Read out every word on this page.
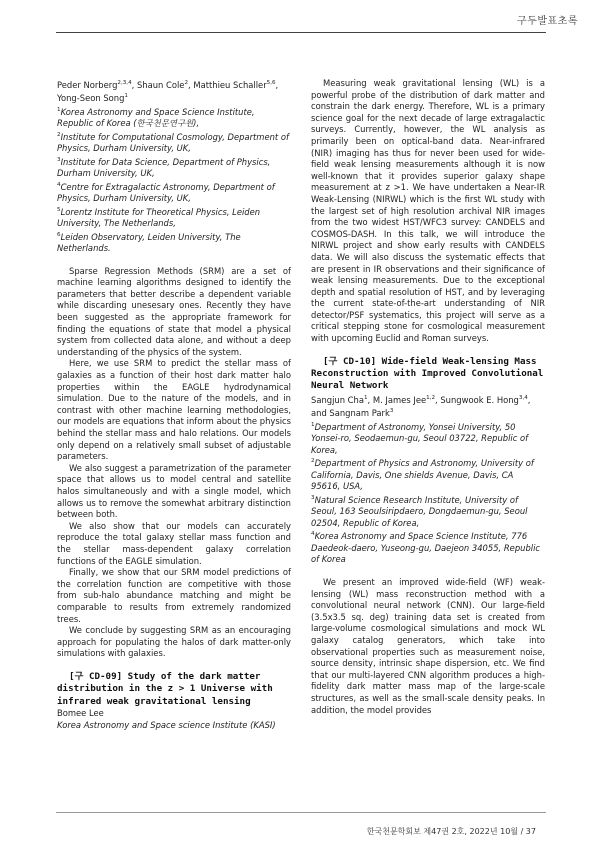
구두발표초록

Peder Norberg$^{2,3,4}$, Shaun Cole$^2$, Matthieu Schaller$^{5,6}$, Yong-Seon Song$^1$

$^1$Korea Astronomy and Space Science Institute, Republic of Korea (한국천문연구원),

$^2$Institute for Computational Cosmology, Department of Physics, Durham University, UK,

$^3$Institute for Data Science, Department of Physics, Durham University, UK,

$^4$Centre for Extragalactic Astronomy, Department of Physics, Durham University, UK,

$^5$Lorentz Institute for Theoretical Physics, Leiden University, The Netherlands,

$^6$Leiden Observatory, Leiden University, The Netherlands.

Sparse Regression Methods (SRM) are a set of machine learning algorithms designed to identify the parameters that better describe a dependent variable while discarding unesesary ones. Recently they have been suggested as the appropriate framework for finding the equations of state that model a physical system from collected data alone, and without a deep understanding of the physics of the system.

Here, we use SRM to predict the stellar mass of galaxies as a function of their host dark matter halo properties within the EAGLE hydrodynamical simulation. Due to the nature of the models, and in contrast with other machine learning methodologies, our models are equations that inform about the physics behind the stellar mass and halo relations. Our models only depend on a relatively small subset of adjustable parameters.

We also suggest a parametrization of the parameter space that allows us to model central and satellite halos simultaneously and with a single model, which allows us to remove the somewhat arbitrary distinction between both.

We also show that our models can accurately reproduce the total galaxy stellar mass function and the stellar mass-dependent galaxy correlation functions of the EAGLE simulation.

Finally, we show that our SRM model predictions of the correlation function are competitive with those from sub-halo abundance matching and might be comparable to results from extremely randomized trees.

We conclude by suggesting SRM as an encouraging approach for populating the halos of dark matter-only simulations with galaxies.

[구 CD-09] Study of the dark matter distribution in the z > 1 Universe with infrared weak gravitational lensing

Bomee Lee

Korea Astronomy and Space science Institute (KASI)

Measuring weak gravitational lensing (WL) is a powerful probe of the distribution of dark matter and constrain the dark energy. Therefore, WL is a primary science goal for the next decade of large extragalactic surveys. Currently, however, the WL analysis as primarily been on optical-band data. Near-infrared (NIR) imaging has thus for never been used for wide-field weak lensing measurements although it is now well-known that it provides superior galaxy shape measurement at z >1. We have undertaken a Near-IR Weak-Lensing (NIRWL) which is the first WL study with the largest set of high resolution archival NIR images from the two widest HST/WFC3 survey: CANDELS and COSMOS-DASH. In this talk, we will introduce the NIRWL project and show early results with CANDELS data. We will also discuss the systematic effects that are present in IR observations and their significance of weak lensing measurements. Due to the exceptional depth and spatial resolution of HST, and by leveraging the current state-of-the-art understanding of NIR detector/PSF systematics, this project will serve as a critical stepping stone for cosmological measurement with upcoming Euclid and Roman surveys.

[구 CD-10] Wide-field Weak-lensing Mass Reconstruction with Improved Convolutional Neural Network

Sangjun Cha$^1$, M. James Jee$^{1,2}$, Sungwook E. Hong$^{3,4}$, and Sangnam Park$^3$

$^1$Department of Astronomy, Yonsei University, 50 Yonsei-ro, Seodaemun-gu, Seoul 03722, Republic of Korea,

$^2$Department of Physics and Astronomy, University of California, Davis, One shields Avenue, Davis, CA 95616, USA,

$^3$Natural Science Research Institute, University of Seoul, 163 Seoulsiripdaero, Dongdaemun-gu, Seoul 02504, Republic of Korea,

$^4$Korea Astronomy and Space Science Institute, 776 Daedeok-daero, Yuseong-gu, Daejeon 34055, Republic of Korea

We present an improved wide-field (WF) weak-lensing (WL) mass reconstruction method with a convolutional neural network (CNN). Our large-field (3.5x3.5 sq. deg) training data set is created from large-volume cosmological simulations and mock WL galaxy catalog generators, which take into observational properties such as measurement noise, source density, intrinsic shape dispersion, etc. We find that our multi-layered CNN algorithm produces a high-fidelity dark matter mass map of the large-scale structures, as well as the small-scale density peaks. In addition, the model provides

한국천문학회보 제47권 2호, 2022년 10월 / 37
